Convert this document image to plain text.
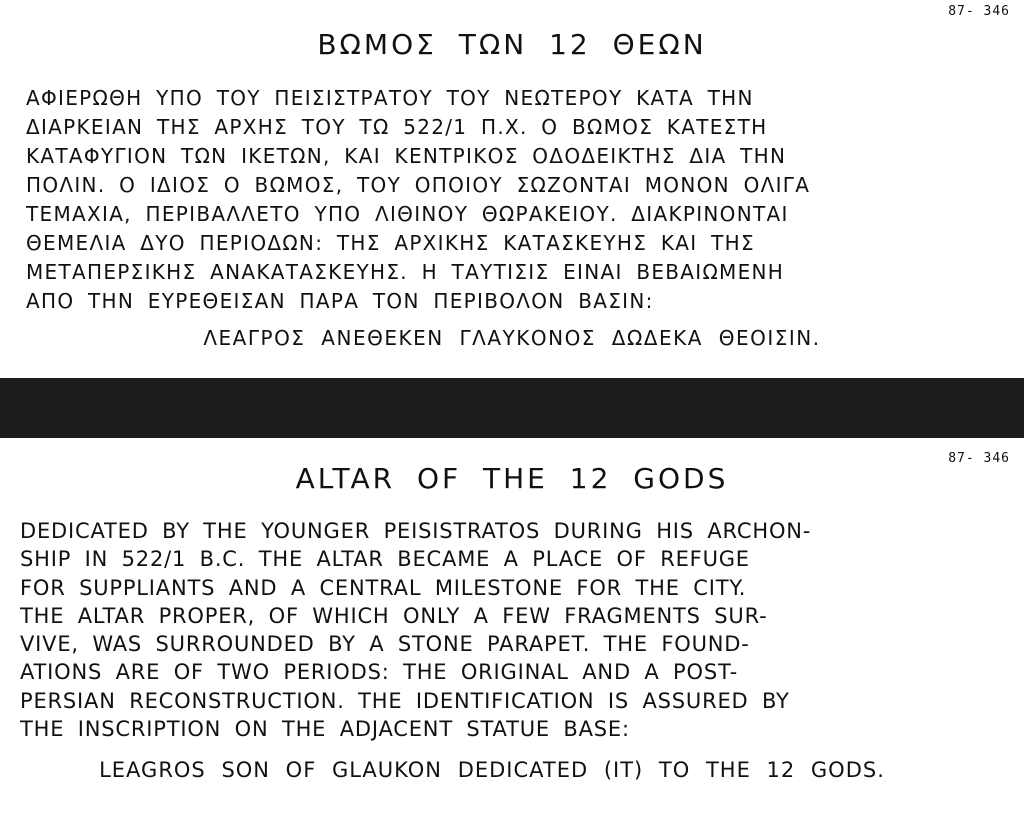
87- 346
ΒΩΜΟΣ ΤΩΝ 12 ΘΕΩΝ
ΑΦΙΕΡΩΘΗ ΥΠΟ ΤΟΥ ΠΕΙΣΙΣΤΡΑΤΟΥ ΤΟΥ ΝΕΩΤΕΡΟΥ ΚΑΤΑ ΤΗΝ
ΔΙΑΡΚΕΙΑΝ ΤΗΣ ΑΡΧΗΣ ΤΟΥ ΤΩ 522/1 Π.Χ. Ο ΒΩΜΟΣ ΚΑΤΕΣΤΗ
ΚΑΤΑΦΥΓΙΟΝ ΤΩΝ ΙΚΕΤΩΝ, ΚΑΙ ΚΕΝΤΡΙΚΟΣ ΟΔΟΔΕΙΚΤΗΣ ΔΙΑ ΤΗΝ
ΠΟΛΙΝ. Ο ΙΔΙΟΣ Ο ΒΩΜΟΣ, ΤΟΥ ΟΠΟΙΟΥ ΣΩΖΟΝΤΑΙ ΜΟΝΟΝ ΟΛΙΓΑ
ΤΕΜΑΧΙΑ, ΠΕΡΙΒΑΛΛΕΤΟ ΥΠΟ ΛΙΘΙΝΟΥ ΘΩΡΑΚΕΙΟΥ. ΔΙΑΚΡΙΝΟΝΤΑΙ
ΘΕΜΕΛΙΑ ΔΥΟ ΠΕΡΙΟΔΩΝ: ΤΗΣ ΑΡΧΙΚΗΣ ΚΑΤΑΣΚΕΥΗΣ ΚΑΙ ΤΗΣ
ΜΕΤΑΠΕΡΣΙΚΗΣ ΑΝΑΚΑΤΑΣΚΕΥΗΣ. Η ΤΑΥΤΙΣΙΣ ΕΙΝΑΙ ΒΕΒΑΙΩΜΕΝΗ
ΑΠΟ ΤΗΝ ΕΥΡΕΘΕΙΣΑΝ ΠΑΡΑ ΤΟΝ ΠΕΡΙΒΟΛΟΝ ΒΑΣΙΝ:
ΛΕΑΓΡΟΣ ΑΝΕΘΕΚΕΝ ΓΛΑΥΚΟΝΟΣ ΔΩΔΕΚΑ ΘΕΟΙΣΙΝ.
87- 346
ALTAR OF THE 12 GODS
DEDICATED BY THE YOUNGER PEISISTRATOS DURING HIS ARCHON-
SHIP IN 522/1 B.C. THE ALTAR BECAME A PLACE OF REFUGE
FOR SUPPLIANTS AND A CENTRAL MILESTONE FOR THE CITY.
THE ALTAR PROPER, OF WHICH ONLY A FEW FRAGMENTS SUR-
VIVE, WAS SURROUNDED BY A STONE PARAPET. THE FOUND-
ATIONS ARE OF TWO PERIODS: THE ORIGINAL AND A POST-
PERSIAN RECONSTRUCTION. THE IDENTIFICATION IS ASSURED BY
THE INSCRIPTION ON THE ADJACENT STATUE BASE:
LEAGROS SON OF GLAUKON DEDICATED (IT) TO THE 12 GODS.
